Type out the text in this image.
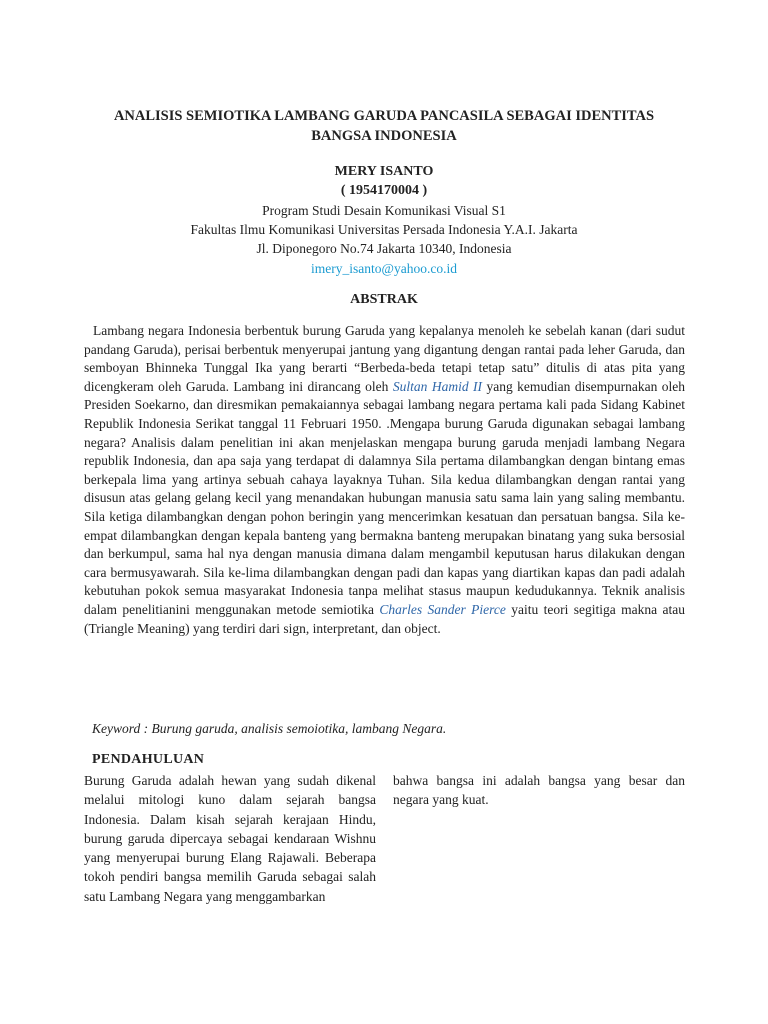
ANALISIS SEMIOTIKA LAMBANG GARUDA PANCASILA SEBAGAI IDENTITAS
BANGSA INDONESIA

MERY ISANTO

( 1954170004 )

Program Studi Desain Komunikasi Visual S1

Fakultas Ilmu Komunikasi Universitas Persada Indonesia Y.A.I. Jakarta

Jl. Diponegoro No.74 Jakarta 10340, Indonesia

imery_isanto@yahoo.co.id

ABSTRAK

Lambang negara Indonesia berbentuk burung Garuda yang kepalanya menoleh ke sebelah kanan (dari sudut pandang Garuda), perisai berbentuk menyerupai jantung yang digantung dengan rantai pada leher Garuda, dan semboyan Bhinneka Tunggal Ika yang berarti “Berbeda-beda tetapi tetap satu” ditulis di atas pita yang dicengkeram oleh Garuda. Lambang ini dirancang oleh Sultan Hamid II yang kemudian disempurnakan oleh Presiden Soekarno, dan diresmikan pemakaiannya sebagai lambang negara pertama kali pada Sidang Kabinet Republik Indonesia Serikat tanggal 11 Februari 1950. .Mengapa burung Garuda digunakan sebagai lambang negara? Analisis dalam penelitian ini akan menjelaskan mengapa burung garuda menjadi lambang Negara republik Indonesia, dan apa saja yang terdapat di dalamnya Sila pertama dilambangkan dengan bintang emas berkepala lima yang artinya sebuah cahaya layaknya Tuhan. Sila kedua dilambangkan dengan rantai yang disusun atas gelang gelang kecil yang menandakan hubungan manusia satu sama lain yang saling membantu. Sila ketiga dilambangkan dengan pohon beringin yang mencerimkan kesatuan dan persatuan bangsa. Sila ke-empat dilambangkan dengan kepala banteng yang bermakna banteng merupakan binatang yang suka bersosial dan berkumpul, sama hal nya dengan manusia dimana dalam mengambil keputusan harus dilakukan dengan cara bermusyawarah. Sila ke-lima dilambangkan dengan padi dan kapas yang diartikan kapas dan padi adalah kebutuhan pokok semua masyarakat Indonesia tanpa melihat stasus maupun kedudukannya. Teknik analisis dalam penelitianini menggunakan metode semiotika Charles Sander Pierce yaitu teori segitiga makna atau (Triangle Meaning) yang terdiri dari sign, interpretant, dan object.

Keyword : Burung garuda, analisis semoiotika, lambang Negara.

PENDAHULUAN

Burung Garuda adalah hewan yang sudah dikenal melalui mitologi kuno dalam sejarah bangsa Indonesia. Dalam kisah sejarah kerajaan Hindu, burung garuda dipercaya sebagai kendaraan Wishnu yang menyerupai burung Elang Rajawali. Beberapa tokoh pendiri bangsa memilih Garuda sebagai salah satu Lambang Negara yang menggambarkan

bahwa bangsa ini adalah bangsa yang besar dan negara yang kuat.
